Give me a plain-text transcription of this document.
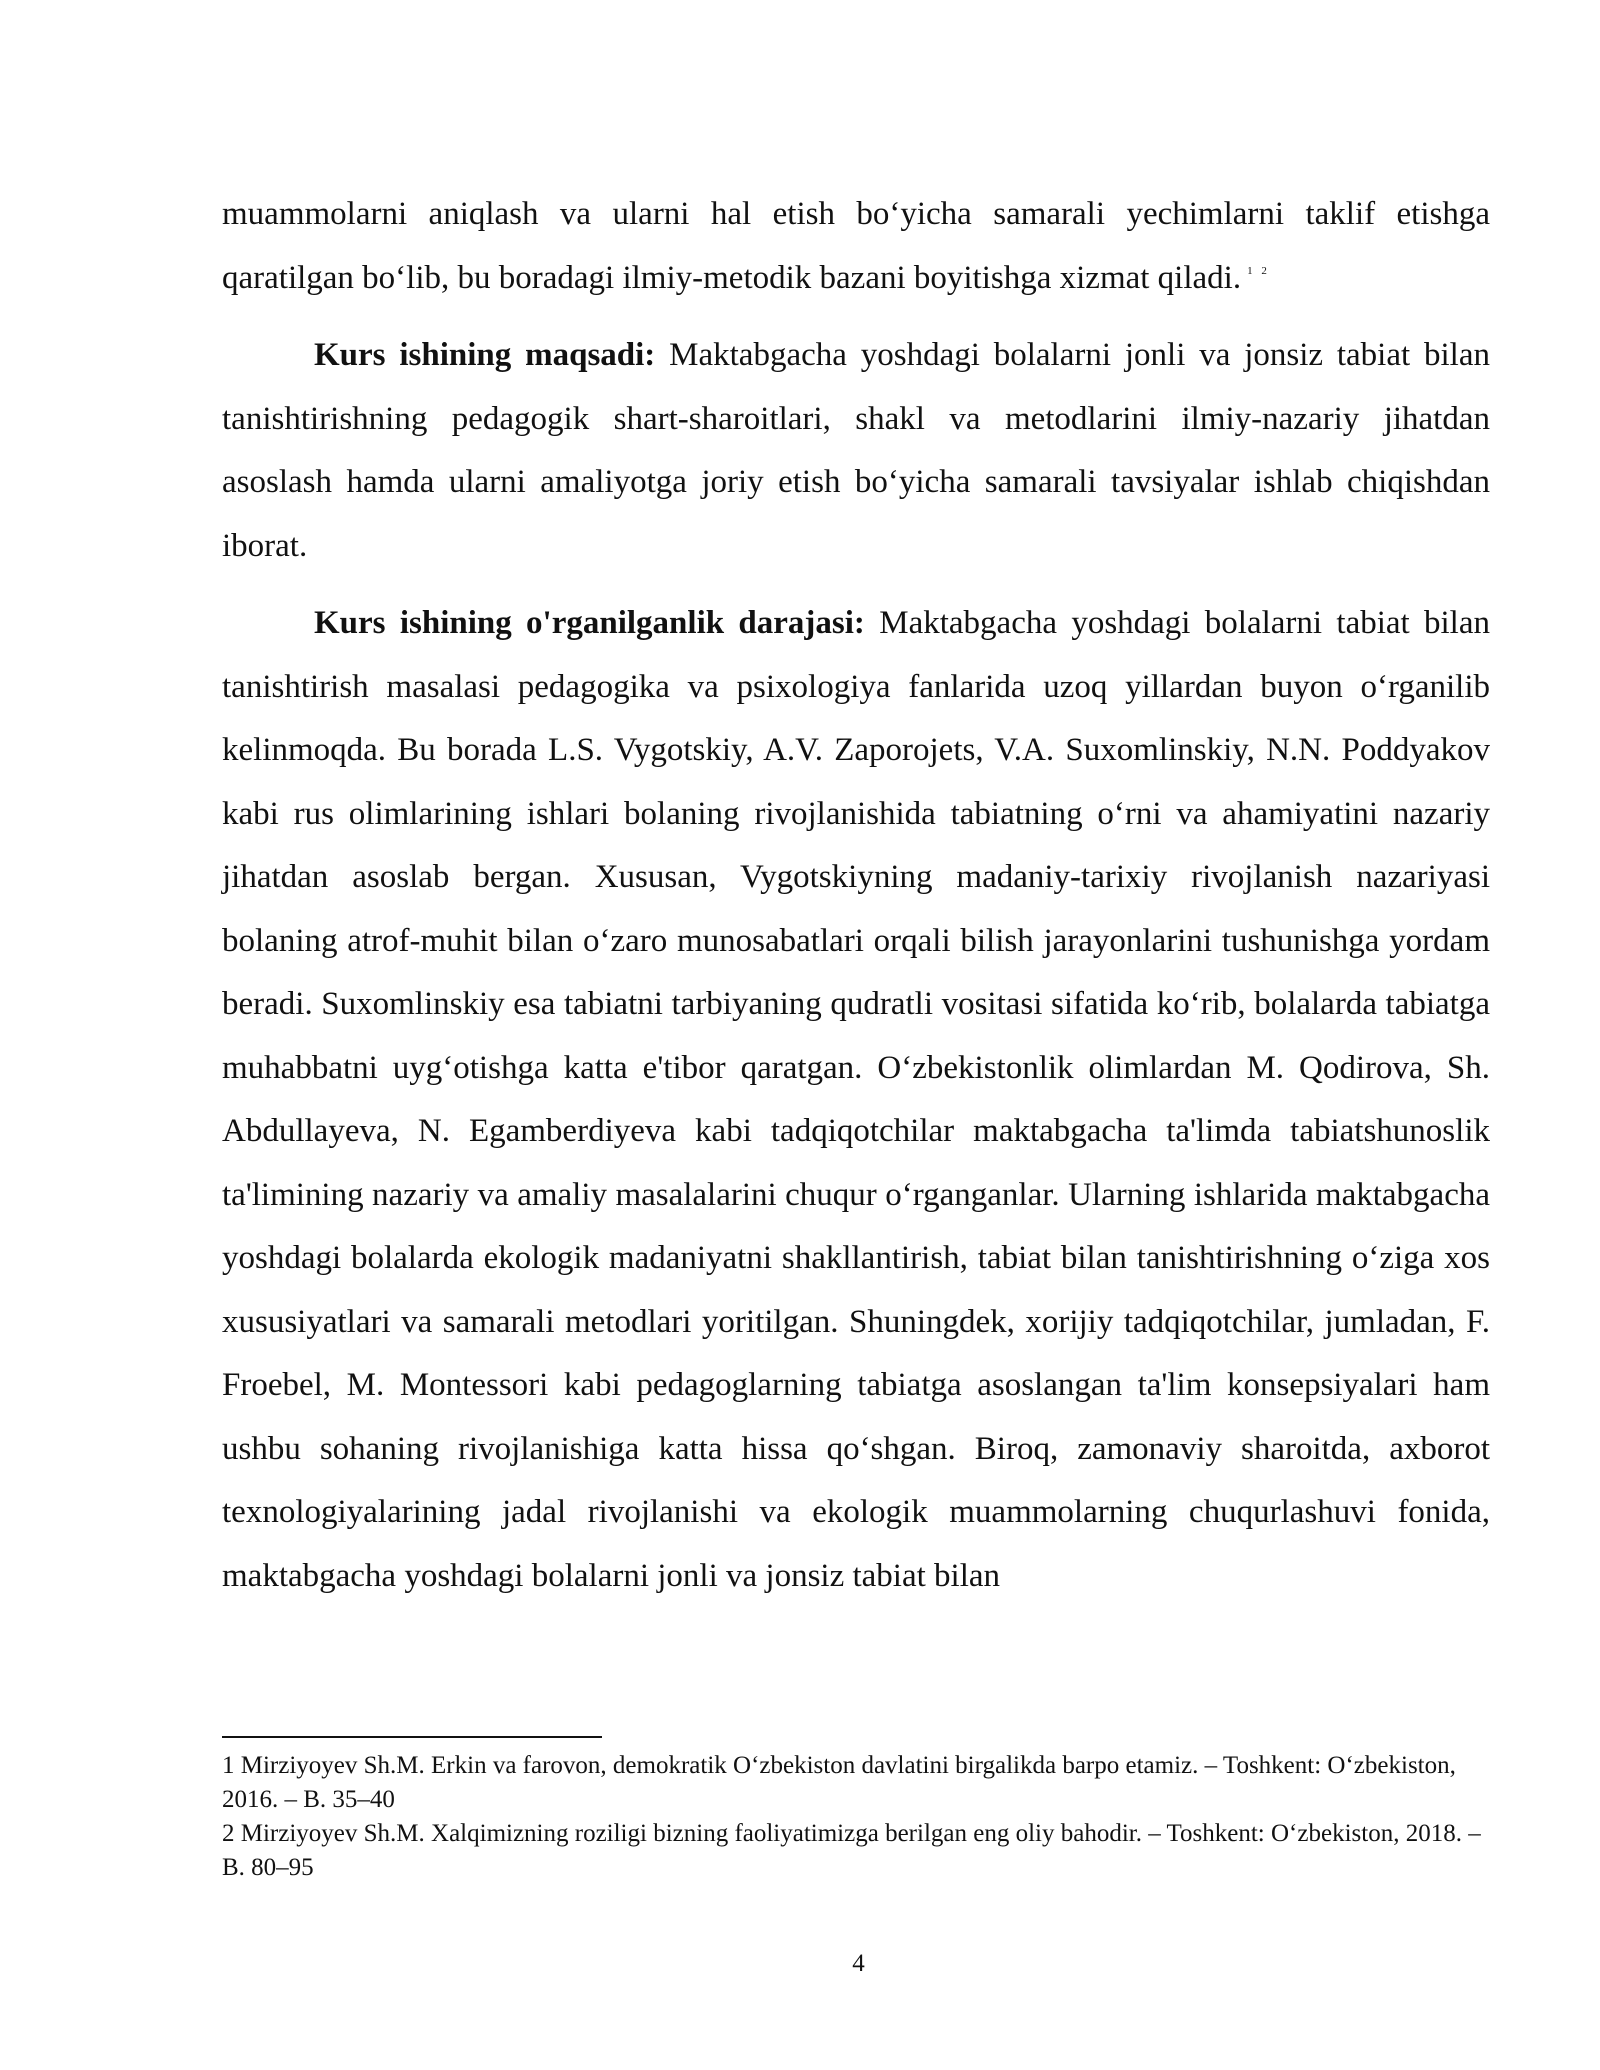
muammolarni aniqlash va ularni hal etish bo‘yicha samarali yechimlarni taklif etishga qaratilgan bo‘lib, bu boradagi ilmiy-metodik bazani boyitishga xizmat qiladi. $^{1 2}$

Kurs ishining maqsadi: Maktabgacha yoshdagi bolalarni jonli va jonsiz tabiat bilan tanishtirishning pedagogik shart-sharoitlari, shakl va metodlarini ilmiy-nazariy jihatdan asoslash hamda ularni amaliyotga joriy etish bo‘yicha samarali tavsiyalar ishlab chiqishdan iborat.

Kurs ishining o'rganilganlik darajasi: Maktabgacha yoshdagi bolalarni tabiat bilan tanishtirish masalasi pedagogika va psixologiya fanlarida uzoq yillardan buyon o‘rganilib kelinmoqda. Bu borada L.S. Vygotskiy, A.V. Zaporojets, V.A. Suxomlinskiy, N.N. Poddyakov kabi rus olimlarining ishlari bolaning rivojlanishida tabiatning o‘rni va ahamiyatini nazariy jihatdan asoslab bergan. Xususan, Vygotskiyning madaniy-tarixiy rivojlanish nazariyasi bolaning atrof-muhit bilan o‘zaro munosabatlari orqali bilish jarayonlarini tushunishga yordam beradi. Suxomlinskiy esa tabiatni tarbiyaning qudratli vositasi sifatida ko‘rib, bolalarda tabiatga muhabbatni uyg‘otishga katta e'tibor qaratgan. O‘zbekistonlik olimlardan M. Qodirova, Sh. Abdullayeva, N. Egamberdiyeva kabi tadqiqotchilar maktabgacha ta'limda tabiatshunoslik ta'limining nazariy va amaliy masalalarini chuqur o‘rganganlar. Ularning ishlarida maktabgacha yoshdagi bolalarda ekologik madaniyatni shakllantirish, tabiat bilan tanishtirishning o‘ziga xos xususiyatlari va samarali metodlari yoritilgan. Shuningdek, xorijiy tadqiqotchilar, jumladan, F. Froebel, M. Montessori kabi pedagoglarning tabiatga asoslangan ta'lim konsepsiyalari ham ushbu sohaning rivojlanishiga katta hissa qo‘shgan. Biroq, zamonaviy sharoitda, axborot texnologiyalarining jadal rivojlanishi va ekologik muammolarning chuqurlashuvi fonida, maktabgacha yoshdagi bolalarni jonli va jonsiz tabiat bilan

1 Mirziyoyev Sh.M. Erkin va farovon, demokratik O‘zbekiston davlatini birgalikda barpo etamiz. – Toshkent: O‘zbekiston, 2016. – B. 35–40

2 Mirziyoyev Sh.M. Xalqimizning roziligi bizning faoliyatimizga berilgan eng oliy bahodir. – Toshkent: O‘zbekiston, 2018. – B. 80–95

4
